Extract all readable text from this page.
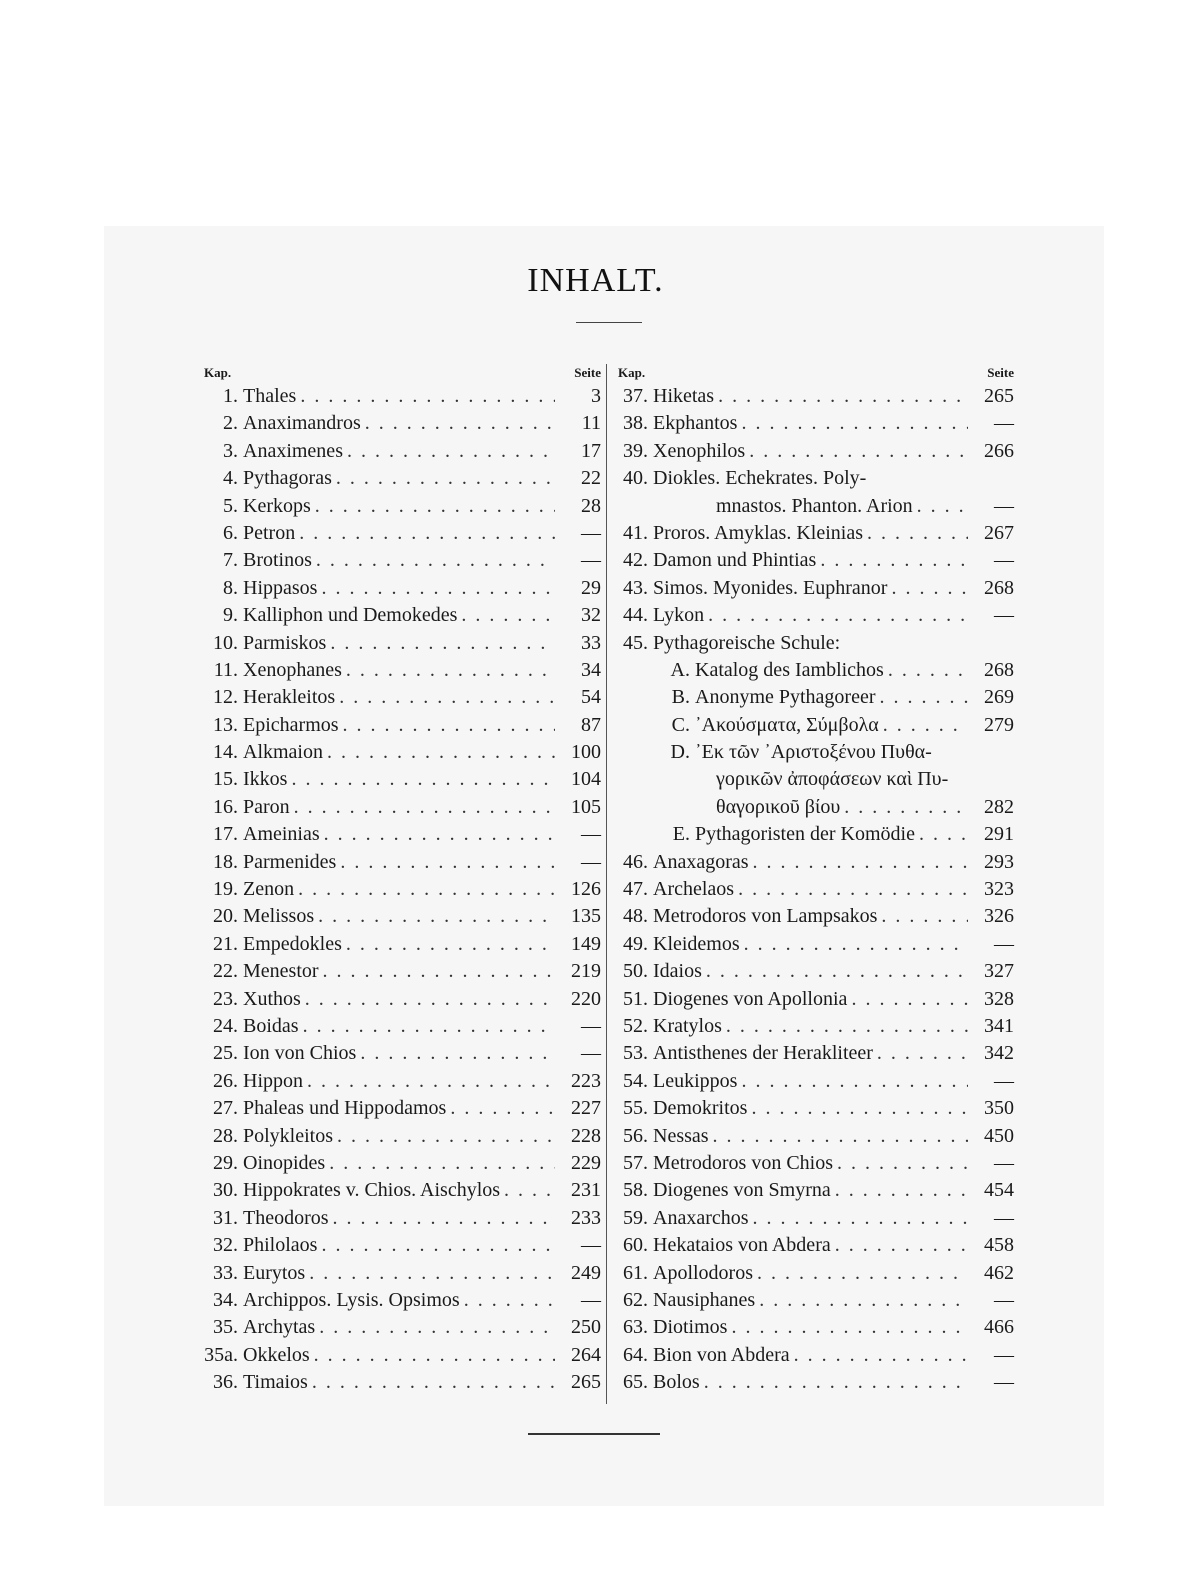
INHALT.
Kap.	Seite
1. Thales . . .	3
2. Anaximandros . . .	11
3. Anaximenes . . .	17
4. Pythagoras . . .	22
5. Kerkops . . .	28
6. Petron . . .	—
7. Brotinos . . .	—
8. Hippasos . . .	29
9. Kalliphon und Demokedes . . .	32
10. Parmiskos . . .	33
11. Xenophanes . . .	34
12. Herakleitos . . .	54
13. Epicharmos . . .	87
14. Alkmaion . . .	100
15. Ikkos . . .	104
16. Paron . . .	105
17. Ameinias . . .	—
18. Parmenides . . .	—
19. Zenon . . .	126
20. Melissos . . .	135
21. Empedokles . . .	149
22. Menestor . . .	219
23. Xuthos . . .	220
24. Boidas . . .	—
25. Ion von Chios . . .	—
26. Hippon . . .	223
27. Phaleas und Hippodamos . . .	227
28. Polykleitos . . .	228
29. Oinopides . . .	229
30. Hippokrates v. Chios. Aischylos . . .	231
31. Theodoros . . .	233
32. Philolaos . . .	—
33. Eurytos . . .	249
34. Archippos. Lysis. Opsimos . . .	—
35. Archytas . . .	250
35a. Okkelos . . .	264
36. Timaios . . .	265
Kap.	Seite
37. Hiketas . . .	265
38. Ekphantos . . .	—
39. Xenophilos . . .	266
40. Diokles. Echekrates. Poly-
mnastos. Phanton. Arion . . .	—
41. Proros. Amyklas. Kleinias . . .	267
42. Damon und Phintias . . .	—
43. Simos. Myonides. Euphranor . . .	268
44. Lykon . . .	—
45. Pythagoreische Schule:
A. Katalog des Iamblichos . . .	268
B. Anonyme Pythagoreer . . .	269
C. ᾿Ακούσματα, Σύμβολα . . .	279
D. ᾿Εκ τῶν ᾿Αριστοξένου Πυθα-
γορικῶν ἀποφάσεων καὶ Πυ-
θαγορικοῦ βίου . . .	282
E. Pythagoristen der Komödie . . .	291
46. Anaxagoras . . .	293
47. Archelaos . . .	323
48. Metrodoros von Lampsakos . . .	326
49. Kleidemos . . .	—
50. Idaios . . .	327
51. Diogenes von Apollonia . . .	328
52. Kratylos . . .	341
53. Antisthenes der Herakliteer . . .	342
54. Leukippos . . .	—
55. Demokritos . . .	350
56. Nessas . . .	450
57. Metrodoros von Chios . . .	—
58. Diogenes von Smyrna . . .	454
59. Anaxarchos . . .	—
60. Hekataios von Abdera . . .	458
61. Apollodoros . . .	462
62. Nausiphanes . . .	—
63. Diotimos . . .	466
64. Bion von Abdera . . .	—
65. Bolos . . .	—
